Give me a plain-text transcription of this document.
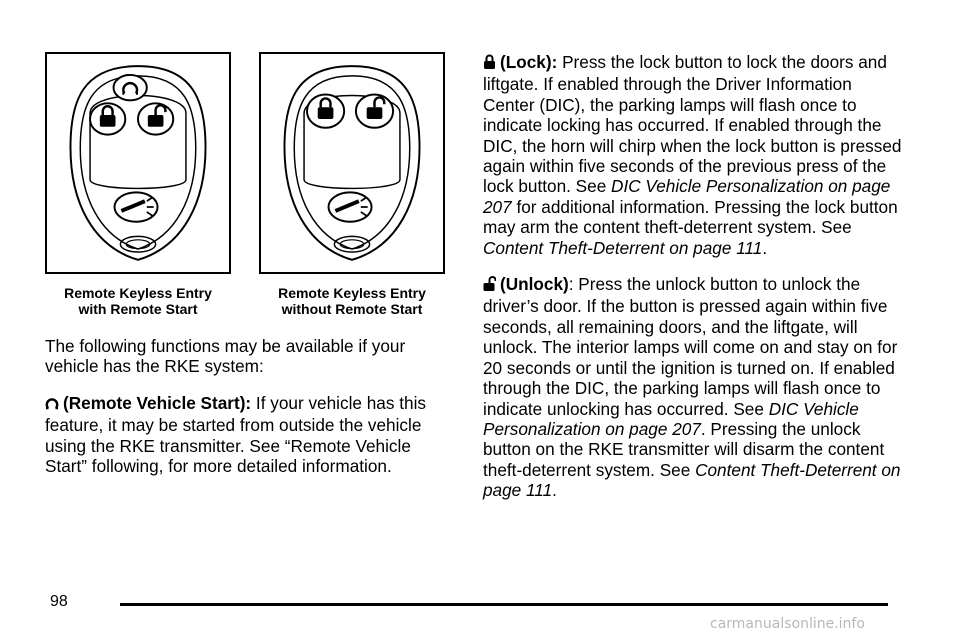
Remote Keyless Entry
with Remote Start
Remote Keyless Entry
without Remote Start

The following functions may be available if your vehicle has the RKE system:

(Remote Vehicle Start): If your vehicle has this feature, it may be started from outside the vehicle using the RKE transmitter. See “Remote Vehicle Start” following, for more detailed information.

(Lock): Press the lock button to lock the doors and liftgate. If enabled through the Driver Information Center (DIC), the parking lamps will flash once to indicate locking has occurred. If enabled through the DIC, the horn will chirp when the lock button is pressed again within five seconds of the previous press of the lock button. See DIC Vehicle Personalization on page 207 for additional information. Pressing the lock button may arm the content theft-deterrent system. See Content Theft-Deterrent on page 111.

(Unlock): Press the unlock button to unlock the driver’s door. If the button is pressed again within five seconds, all remaining doors, and the liftgate, will unlock. The interior lamps will come on and stay on for 20 seconds or until the ignition is turned on. If enabled through the DIC, the parking lamps will flash once to indicate unlocking has occurred. See DIC Vehicle Personalization on page 207. Pressing the unlock button on the RKE transmitter will disarm the content theft-deterrent system. See Content Theft-Deterrent on page 111.

98
carmanualsonline.info
